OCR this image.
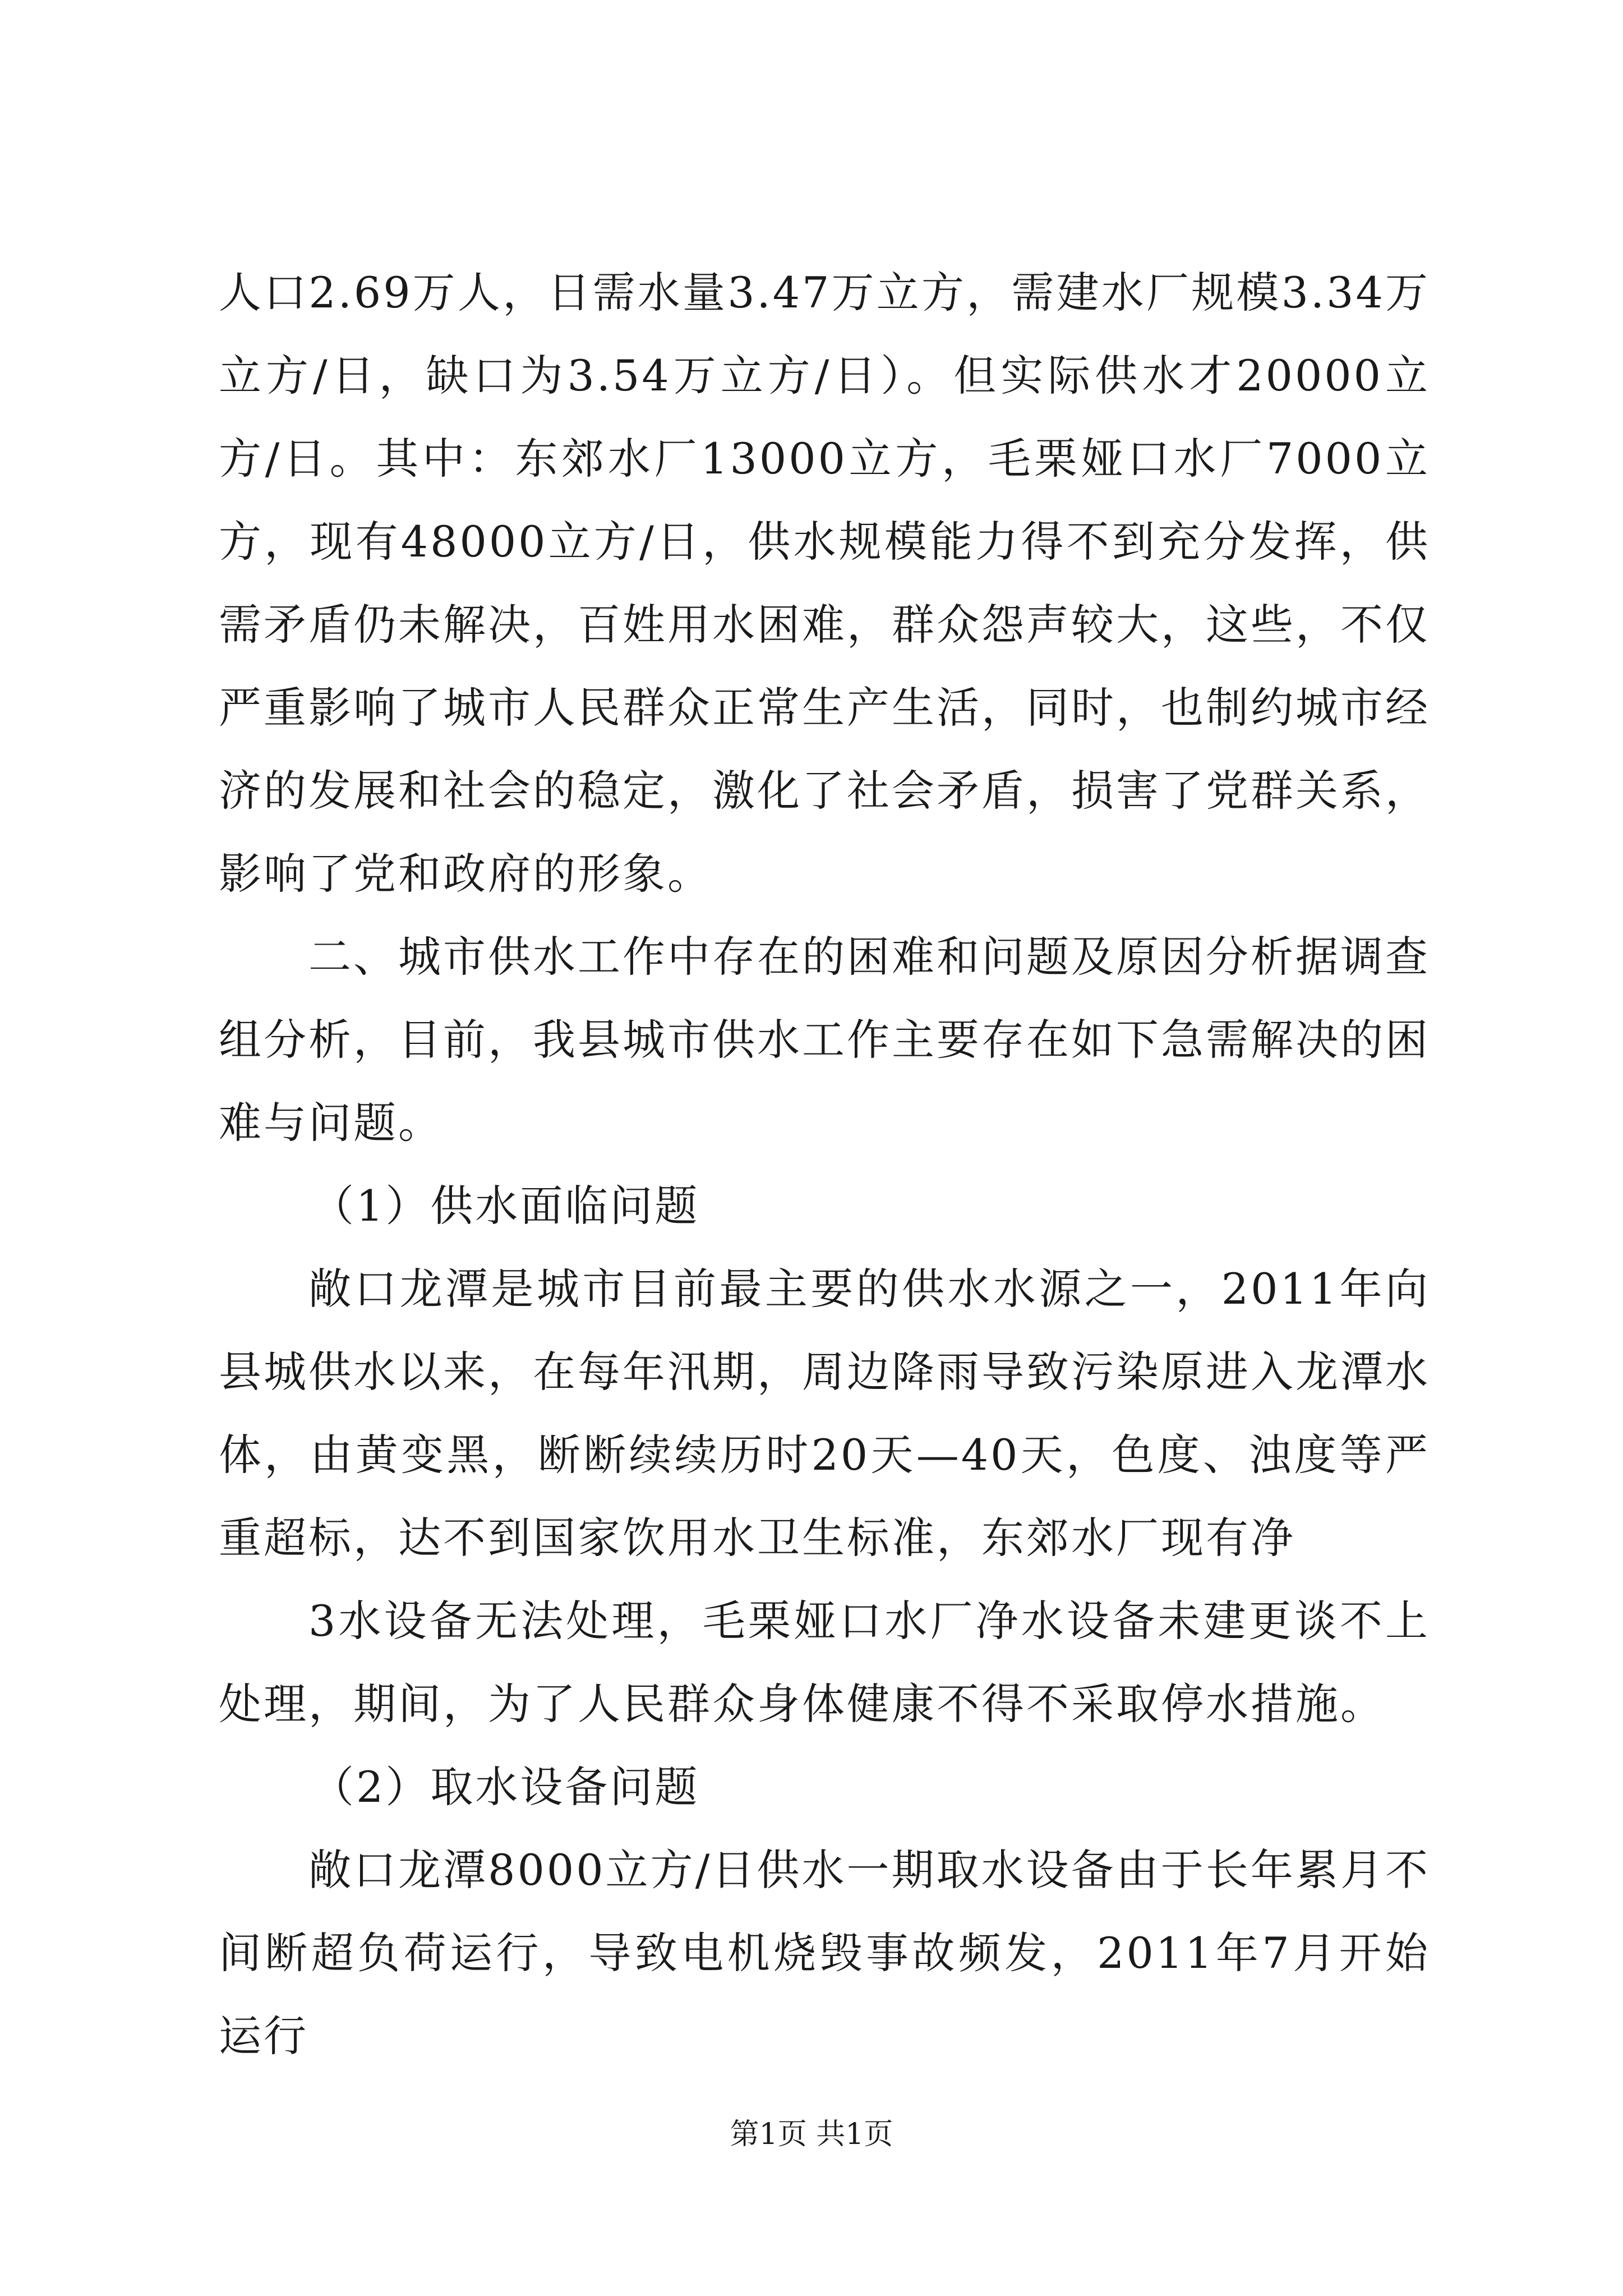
人口2.69万人，日需水量3.47万立方，需建水厂规模3.34万立方/日，缺口为3.54万立方/日）。但实际供水才20000立方/日。其中：东郊水厂13000立方，毛栗娅口水厂7000立方，现有48000立方/日，供水规模能力得不到充分发挥，供需矛盾仍未解决，百姓用水困难，群众怨声较大，这些，不仅严重影响了城市人民群众正常生产生活，同时，也制约城市经济的发展和社会的稳定，激化了社会矛盾，损害了党群关系，影响了党和政府的形象。

二、城市供水工作中存在的困难和问题及原因分析据调查组分析，目前，我县城市供水工作主要存在如下急需解决的困难与问题。

（1）供水面临问题

敞口龙潭是城市目前最主要的供水水源之一，2011年向县城供水以来，在每年汛期，周边降雨导致污染原进入龙潭水体，由黄变黑，断断续续历时20天—40天，色度、浊度等严重超标，达不到国家饮用水卫生标准，东郊水厂现有净

3水设备无法处理，毛栗娅口水厂净水设备未建更谈不上处理，期间，为了人民群众身体健康不得不采取停水措施。

（2）取水设备问题

敞口龙潭8000立方/日供水一期取水设备由于长年累月不间断超负荷运行，导致电机烧毁事故频发，2011年7月开始运行

第1页 共1页
